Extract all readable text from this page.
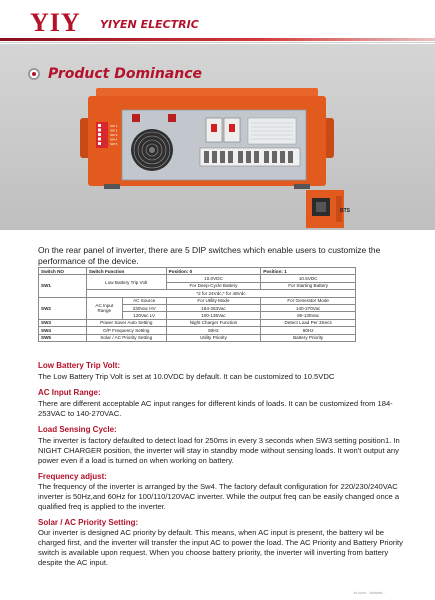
YIY YIYEN ELECTRIC
Product Dominance
SW 1
SW 2
SW 3
SW 4
SW 5
BTS

On the rear panel of inverter, there are 5 DIP switches which enable users to customize the performance of the device.

Switch NO	Switch Function		Position: 0	Position: 1
SW1	Low Battery Trip Volt		10.0VDC	10.5VDC
			For Deep-Cycle Battery	For Starting Battery
	*2 for 24Vdc,* for 48Vdc			
SW2	AC Input Range	AC Source	For Utility Mode	For Generator Mode
		230Vac HV	184-253Vac	140-270Vac
		120Vac LV	100-135Vac	80-135Vac
SW3	Power Saver Auto Setting		Night Charger Function	Detect Load Per 3Secs
SW4	O/P Frequency Setting		50Hz	60Hz
SW5	Solar / AC Priority Setting		Utility Priority	Battery Priority
Low Battery Trip Volt:

The Low Battery Trip Volt is set at 10.0VDC by default. It can be customized to 10.5VDC

AC Input Range:

There are different acceptable AC input ranges for different kinds of loads. It can be customized from 184-253VAC to 140-270VAC.

Load Sensing Cycle:

The inverter is factory defaulted to detect load for 250ms in every 3 seconds when SW3 setting position1. In NIGHT CHARGER position, the inverter will stay in standby mode without sensing loads. It won't output any power even if a load is turned on when working on battery.

Frequency adjust:

The frequency of the inverter is arranged by the Sw4. The factory default configuration for 220/230/240VAC inverter is 50Hz,and 60Hz for 100/110/120VAC inverter. While the output freq can be easily changed once a qualified freq is applied to the inverter.

Solar / AC Priority Setting:

Our inverter is designed AC priority by default. This means, when AC input is present, the battery wil be charged first, and the inverter will transfer the input AC to power the load. The AC Priority and Battery Priority switch is available upon request. When you choose battery priority, the inverter will inverting from battery despite the AC input.

fx.com · dolomit...
